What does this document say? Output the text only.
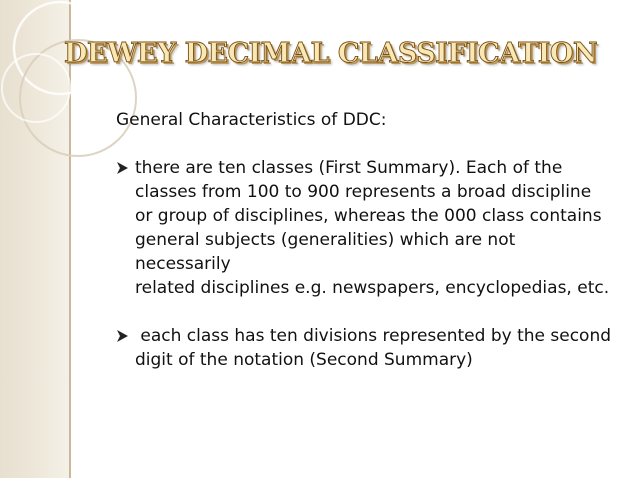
DEWEY DECIMAL CLASSIFICATION
General Characteristics of DDC:
there are ten classes (First Summary). Each of the
classes from 100 to 900 represents a broad discipline
or group of disciplines, whereas the 000 class contains
general subjects (generalities) which are not necessarily
related disciplines e.g. newspapers, encyclopedias, etc.
each class has ten divisions represented by the second
digit of the notation (Second Summary)
